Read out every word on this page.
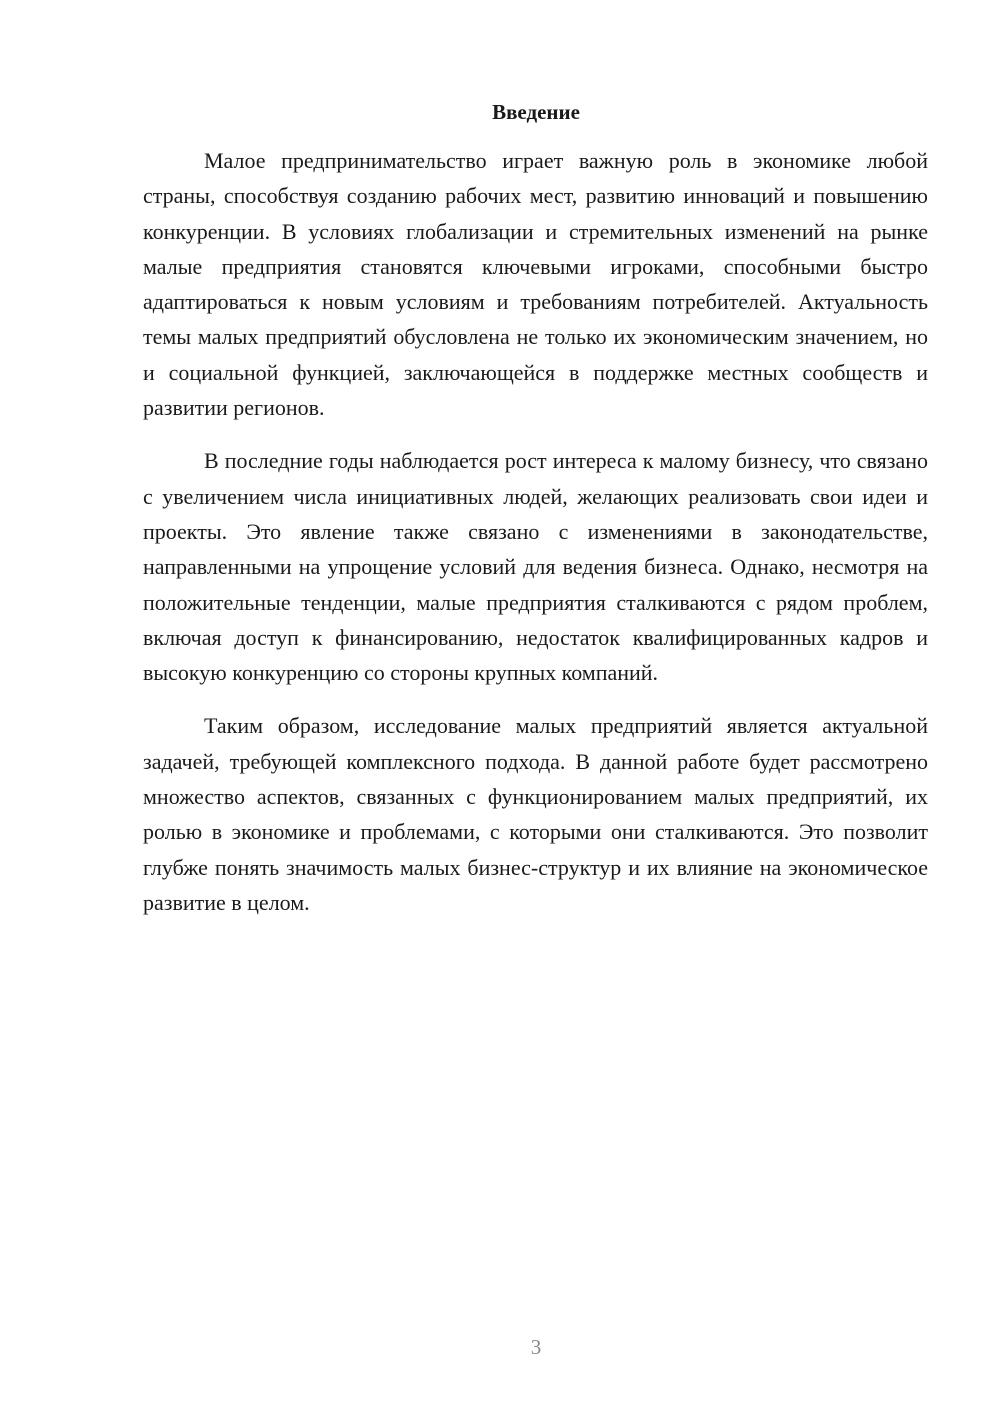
Введение

Малое предпринимательство играет важную роль в экономике любой страны, способствуя созданию рабочих мест, развитию инноваций и повышению конкуренции. В условиях глобализации и стремительных изменений на рынке малые предприятия становятся ключевыми игроками, способными быстро адаптироваться к новым условиям и требованиям потребителей. Актуальность темы малых предприятий обусловлена не только их экономическим значением, но и социальной функцией, заключающейся в поддержке местных сообществ и развитии регионов.

В последние годы наблюдается рост интереса к малому бизнесу, что связано с увеличением числа инициативных людей, желающих реализовать свои идеи и проекты. Это явление также связано с изменениями в законодательстве, направленными на упрощение условий для ведения бизнеса. Однако, несмотря на положительные тенденции, малые предприятия сталкиваются с рядом проблем, включая доступ к финансированию, недостаток квалифицированных кадров и высокую конкуренцию со стороны крупных компаний.

Таким образом, исследование малых предприятий является актуальной задачей, требующей комплексного подхода. В данной работе будет рассмотрено множество аспектов, связанных с функционированием малых предприятий, их ролью в экономике и проблемами, с которыми они сталкиваются. Это позволит глубже понять значимость малых бизнес-структур и их влияние на экономическое развитие в целом.

3
